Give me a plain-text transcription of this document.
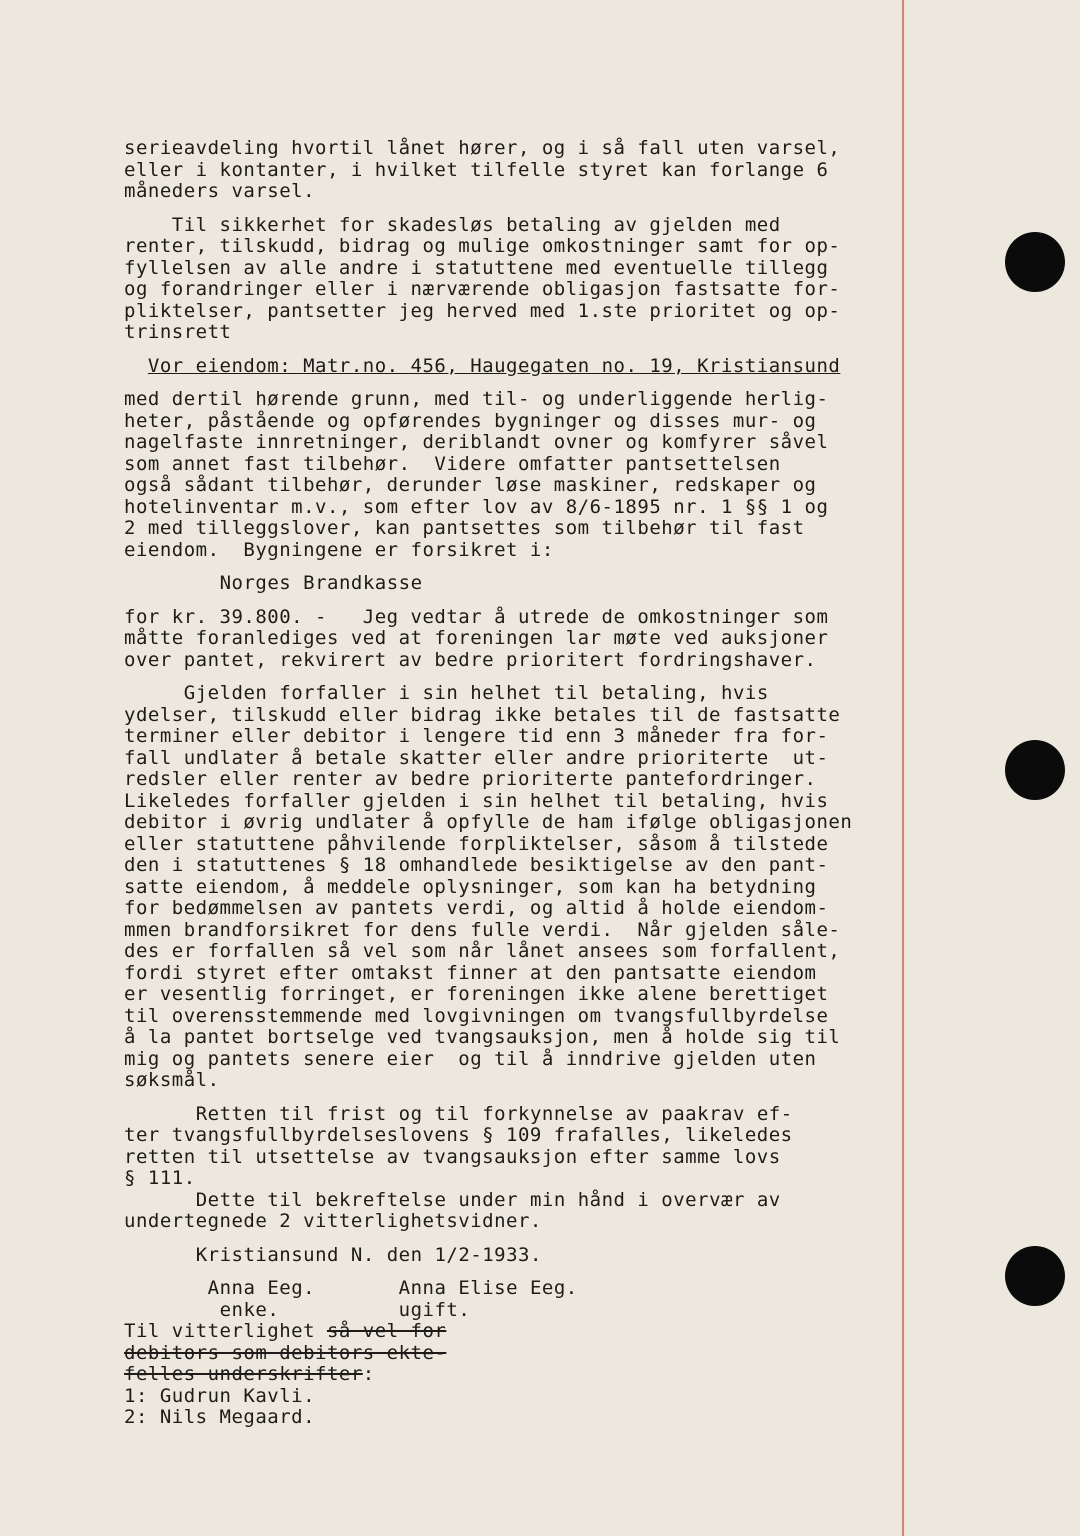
serieavdeling hvortil lånet hører, og i så fall uten varsel,
eller i kontanter, i hvilket tilfelle styret kan forlange 6
måneders varsel.
Til sikkerhet for skadesløs betaling av gjelden med
renter, tilskudd, bidrag og mulige omkostninger samt for op-
fyllelsen av alle andre i statuttene med eventuelle tillegg
og forandringer eller i nærværende obligasjon fastsatte for-
pliktelser, pantsetter jeg herved med 1.ste prioritet og op-
trinsrett
Vor eiendom: Matr.no. 456, Haugegaten no. 19, Kristiansund
med dertil hørende grunn, med til- og underliggende herlig-
heter, påstående og opførendes bygninger og disses mur- og
nagelfaste innretninger, deriblandt ovner og komfyrer såvel
som annet fast tilbehør.  Videre omfatter pantsettelsen
også sådant tilbehør, derunder løse maskiner, redskaper og
hotelinventar m.v., som efter lov av 8/6-1895 nr. 1 §§ 1 og
2 med tilleggslover, kan pantsettes som tilbehør til fast
eiendom.  Bygningene er forsikret i:
Norges Brandkasse
for kr. 39.800. -   Jeg vedtar å utrede de omkostninger som
måtte foranlediges ved at foreningen lar møte ved auksjoner
over pantet, rekvirert av bedre prioritert fordringshaver.
Gjelden forfaller i sin helhet til betaling, hvis
ydelser, tilskudd eller bidrag ikke betales til de fastsatte
terminer eller debitor i lengere tid enn 3 måneder fra for-
fall undlater å betale skatter eller andre prioriterte  ut-
redsler eller renter av bedre prioriterte pantefordringer.
Likeledes forfaller gjelden i sin helhet til betaling, hvis
debitor i øvrig undlater å opfylle de ham ifølge obligasjonen
eller statuttene påhvilende forpliktelser, såsom å tilstede
den i statuttenes § 18 omhandlede besiktigelse av den pant-
satte eiendom, å meddele oplysninger, som kan ha betydning
for bedømmelsen av pantets verdi, og altid å holde eiendom-
mmen brandforsikret for dens fulle verdi.  Når gjelden såle-
des er forfallen så vel som når lånet ansees som forfallent,
fordi styret efter omtakst finner at den pantsatte eiendom
er vesentlig forringet, er foreningen ikke alene berettiget
til overensstemmende med lovgivningen om tvangsfullbyrdelse
å la pantet bortselge ved tvangsauksjon, men å holde sig til
mig og pantets senere eier  og til å inndrive gjelden uten
søksmål.
Retten til frist og til forkynnelse av paakrav ef-
ter tvangsfullbyrdelseslovens § 109 frafalles, likeledes
retten til utsettelse av tvangsauksjon efter samme lovs
§ 111.
Dette til bekreftelse under min hånd i overvær av
undertegnede 2 vitterlighetsvidner.
Kristiansund N. den 1/2-1933.
Anna Eeg.       Anna Elise Eeg.
enke.          ugift.
Til vitterlighet så vel for
debitors som debitors ekte-
felles underskrifter:
1: Gudrun Kavli.
2: Nils Megaard.
